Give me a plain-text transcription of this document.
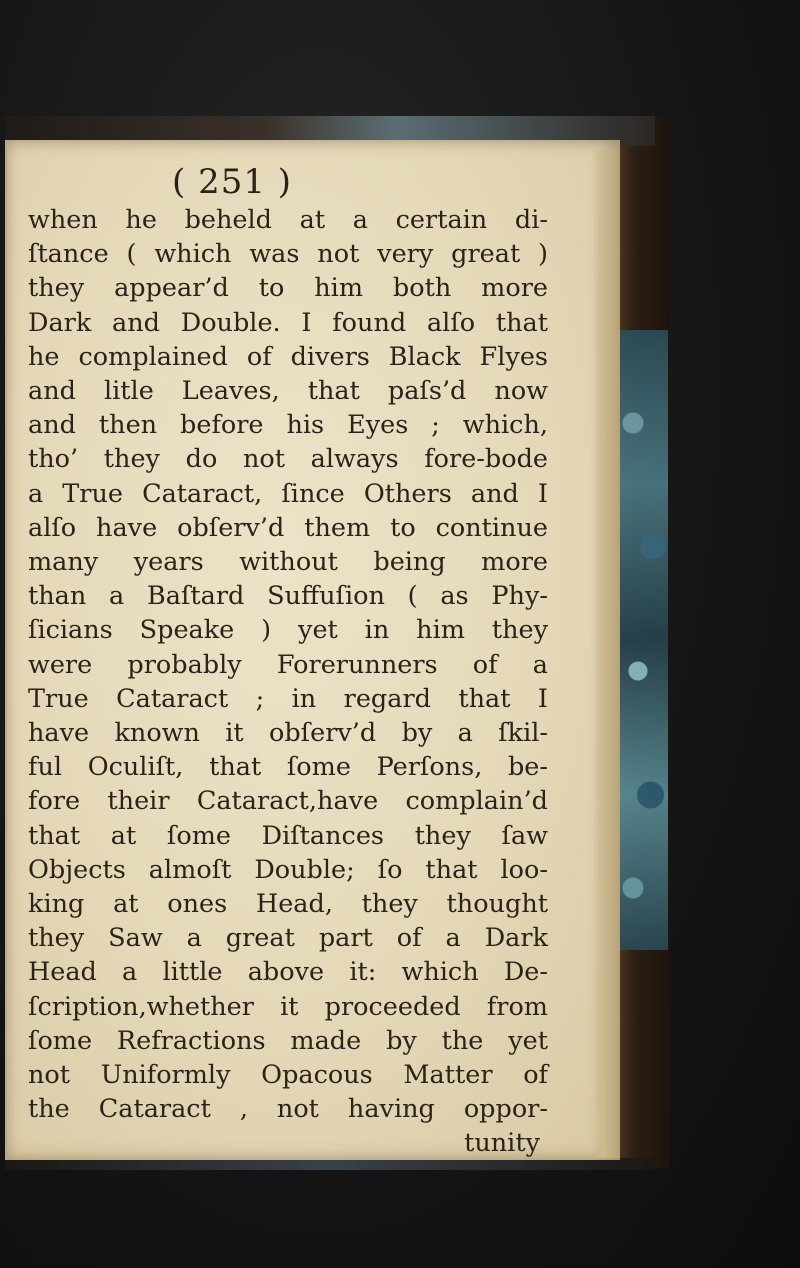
( 251 )
when he beheld at a certain di-
ſtance ( which was not very great )
they appear’d to him both more
Dark and Double. I found alſo that
he complained of divers Black Flyes
and litle Leaves, that paſs’d now
and then before his Eyes ; which,
tho’ they do not always fore-bode
a True Cataract, ſince Others and I
alſo have obſerv’d them to continue
many years without being more
than a Baſtard Suffuſion ( as Phy-
ſicians Speake ) yet in him they
were probably Forerunners of a
True Cataract ; in regard that I
have known it obſerv’d by a ſkil-
ful Oculiſt, that ſome Perſons, be-
fore their Cataract,have complain’d
that at ſome Diſtances they ſaw
Objects almoſt Double; ſo that loo-
king at ones Head, they thought
they Saw a great part of a Dark
Head a little above it: which De-
ſcription,whether it proceeded from
ſome Refractions made by the yet
not Uniformly Opacous Matter of
the Cataract , not having oppor-
tunity
